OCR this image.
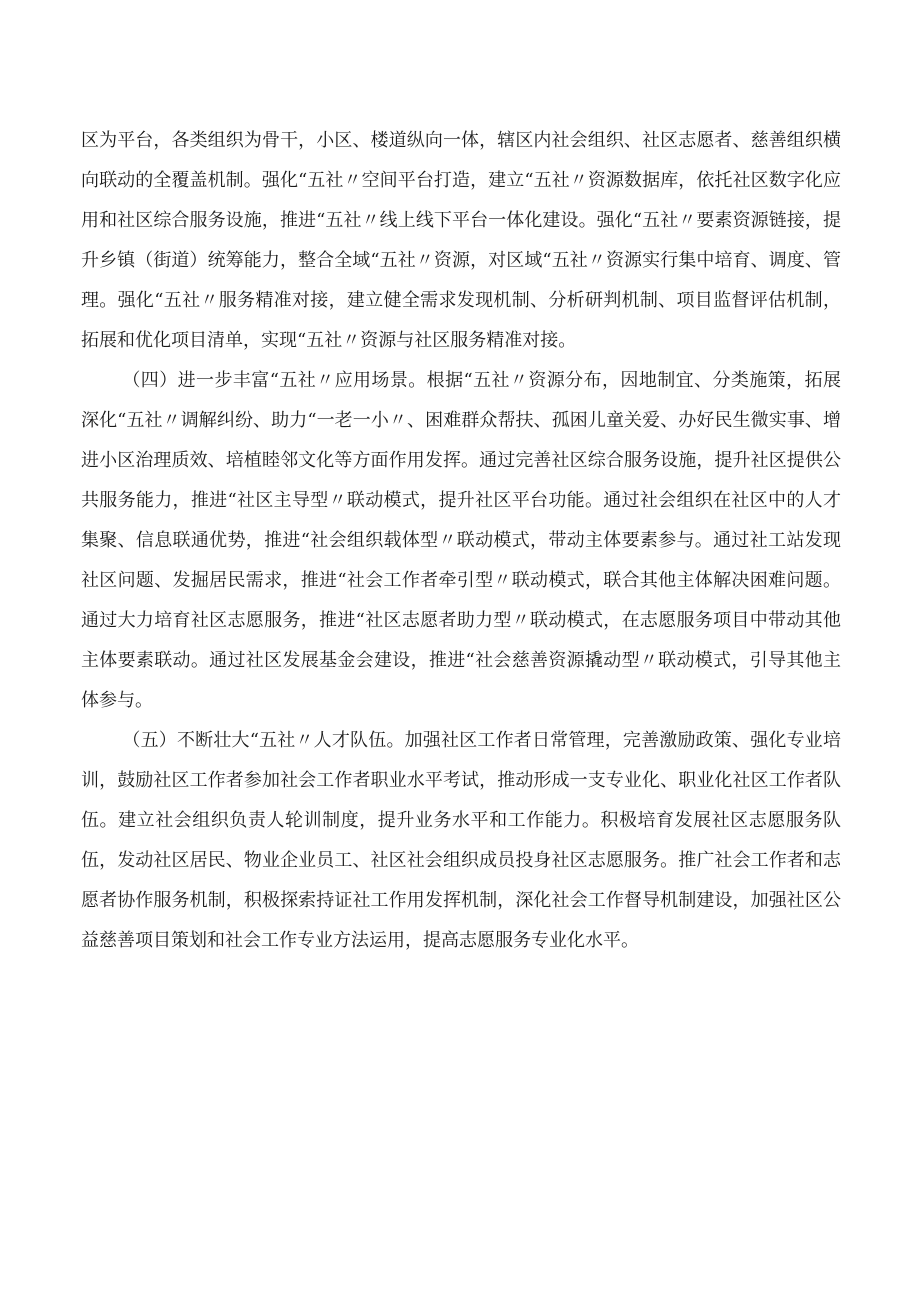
区为平台，各类组织为骨干，小区、楼道纵向一体，辖区内社会组织、社区志愿者、慈善组织横向联动的全覆盖机制。强化“五社〃空间平台打造，建立“五社〃资源数据库，依托社区数字化应用和社区综合服务设施，推进“五社〃线上线下平台一体化建设。强化“五社〃要素资源链接，提升乡镇（街道）统筹能力，整合全域“五社〃资源，对区域“五社〃资源实行集中培育、调度、管理。强化“五社〃服务精准对接，建立健全需求发现机制、分析研判机制、项目监督评估机制，拓展和优化项目清单，实现“五社〃资源与社区服务精准对接。

（四）进一步丰富“五社〃应用场景。根据“五社〃资源分布，因地制宜、分类施策，拓展深化“五社〃调解纠纷、助力“一老一小〃、困难群众帮扶、孤困儿童关爱、办好民生微实事、增进小区治理质效、培植睦邻文化等方面作用发挥。通过完善社区综合服务设施，提升社区提供公共服务能力，推进“社区主导型〃联动模式，提升社区平台功能。通过社会组织在社区中的人才集聚、信息联通优势，推进“社会组织载体型〃联动模式，带动主体要素参与。通过社工站发现社区问题、发掘居民需求，推进“社会工作者牵引型〃联动模式，联合其他主体解决困难问题。通过大力培育社区志愿服务，推进“社区志愿者助力型〃联动模式，在志愿服务项目中带动其他主体要素联动。通过社区发展基金会建设，推进“社会慈善资源撬动型〃联动模式，引导其他主体参与。

（五）不断壮大“五社〃人才队伍。加强社区工作者日常管理，完善激励政策、强化专业培训，鼓励社区工作者参加社会工作者职业水平考试，推动形成一支专业化、职业化社区工作者队伍。建立社会组织负责人轮训制度，提升业务水平和工作能力。积极培育发展社区志愿服务队伍，发动社区居民、物业企业员工、社区社会组织成员投身社区志愿服务。推广社会工作者和志愿者协作服务机制，积极探索持证社工作用发挥机制，深化社会工作督导机制建设，加强社区公益慈善项目策划和社会工作专业方法运用，提高志愿服务专业化水平。
